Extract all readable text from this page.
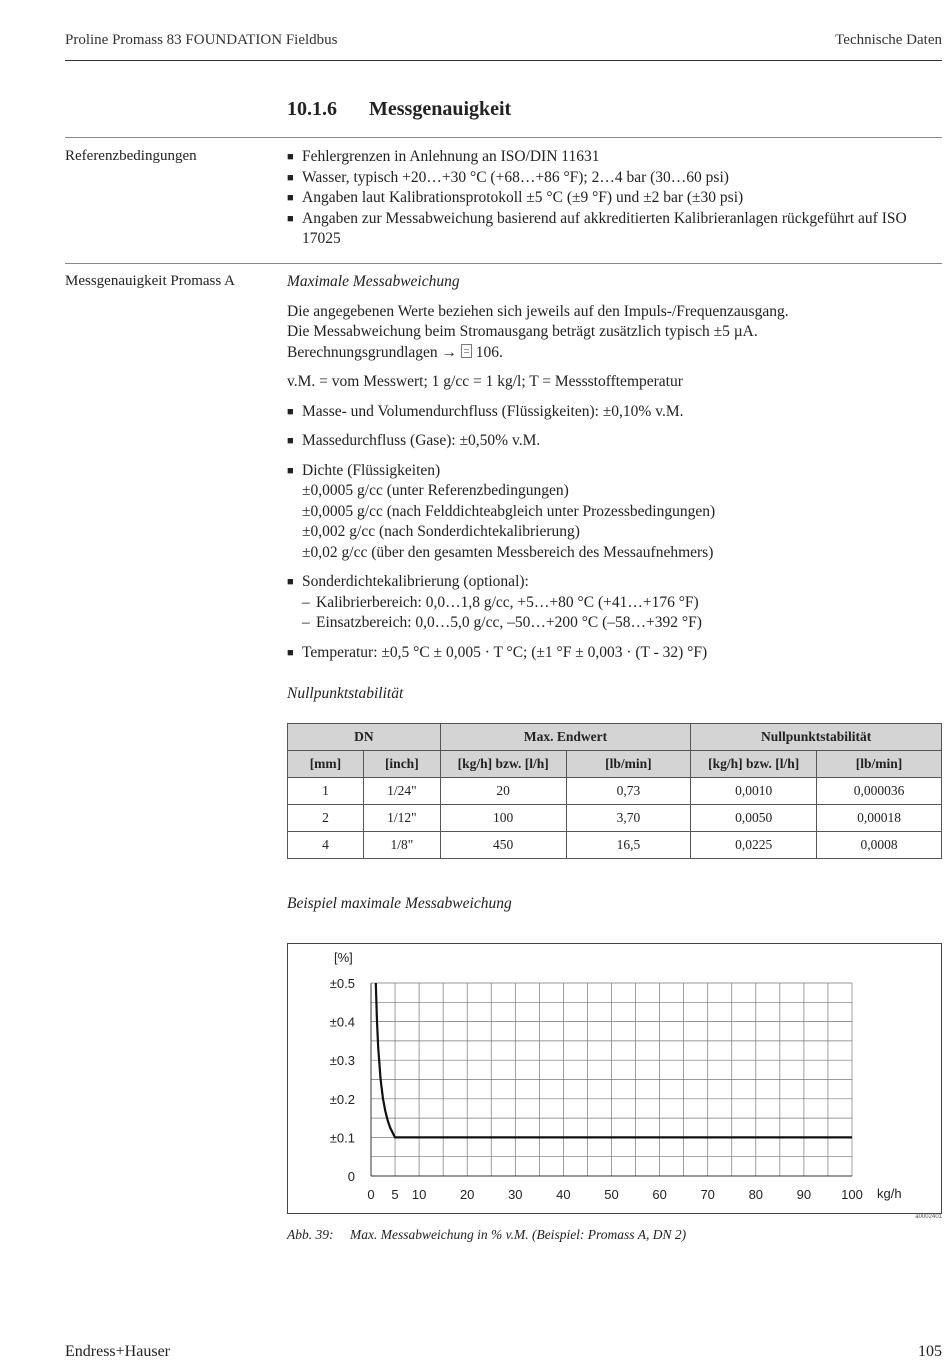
Proline Promass 83 FOUNDATION Fieldbus	Technische Daten
10.1.6 Messgenauigkeit
Referenzbedingungen	■ Fehlergrenzen in Anlehnung an ISO/DIN 11631
■ Wasser, typisch +20…+30 °C (+68…+86 °F); 2…4 bar (30…60 psi)
■ Angaben laut Kalibrationsprotokoll ±5 °C (±9 °F) und ±2 bar (±30 psi)
■ Angaben zur Messabweichung basierend auf akkreditierten Kalibrieranlagen rückgeführt auf ISO 17025
Messgenauigkeit Promass A	Maximale Messabweichung

Die angegebenen Werte beziehen sich jeweils auf den Impuls-/Frequenzausgang.

Die Messabweichung beim Stromausgang beträgt zusätzlich typisch ±5 µA.

Berechnungsgrundlagen → 106.

v.M. = vom Messwert; 1 g/cc = 1 kg/l; T = Messstofftemperatur

■ Masse- und Volumendurchfluss (Flüssigkeiten): ±0,10% v.M.
■ Massedurchfluss (Gase): ±0,50% v.M.
■ Dichte (Flüssigkeiten)
±0,0005 g/cc (unter Referenzbedingungen)
±0,0005 g/cc (nach Felddichteabgleich unter Prozessbedingungen)
±0,002 g/cc (nach Sonderdichtekalibrierung)
±0,02 g/cc (über den gesamten Messbereich des Messaufnehmers)
■ Sonderdichtekalibrierung (optional):
– Kalibrierbereich: 0,0…1,8 g/cc, +5…+80 °C (+41…+176 °F)
– Einsatzbereich: 0,0…5,0 g/cc, –50…+200 °C (–58…+392 °F)
■ Temperatur: ±0,5 °C ± 0,005 · T °C; (±1 °F ± 0,003 · (T - 32) °F)
Nullpunktstabilität
DN		Max. Endwert		Nullpunktstabilität	
[mm]	[inch]	[kg/h] bzw. [l/h]	[lb/min]	[kg/h] bzw. [l/h]	[lb/min]
1	1/24"	20	0,73	0,0010	0,000036
2	1/12"	100	3,70	0,0050	0,00018
4	1/8"	450	16,5	0,0225	0,0008
Beispiel maximale Messabweichung
0 5 10	20	30	40	50	60	70	80	90 100
0
±0.1
±0.2
±0.3
±0.4
±0.5
[%]
kg/h
a0002401
Abb. 39: Max. Messabweichung in % v.M. (Beispiel: Promass A, DN 2)
Endress+Hauser	105
